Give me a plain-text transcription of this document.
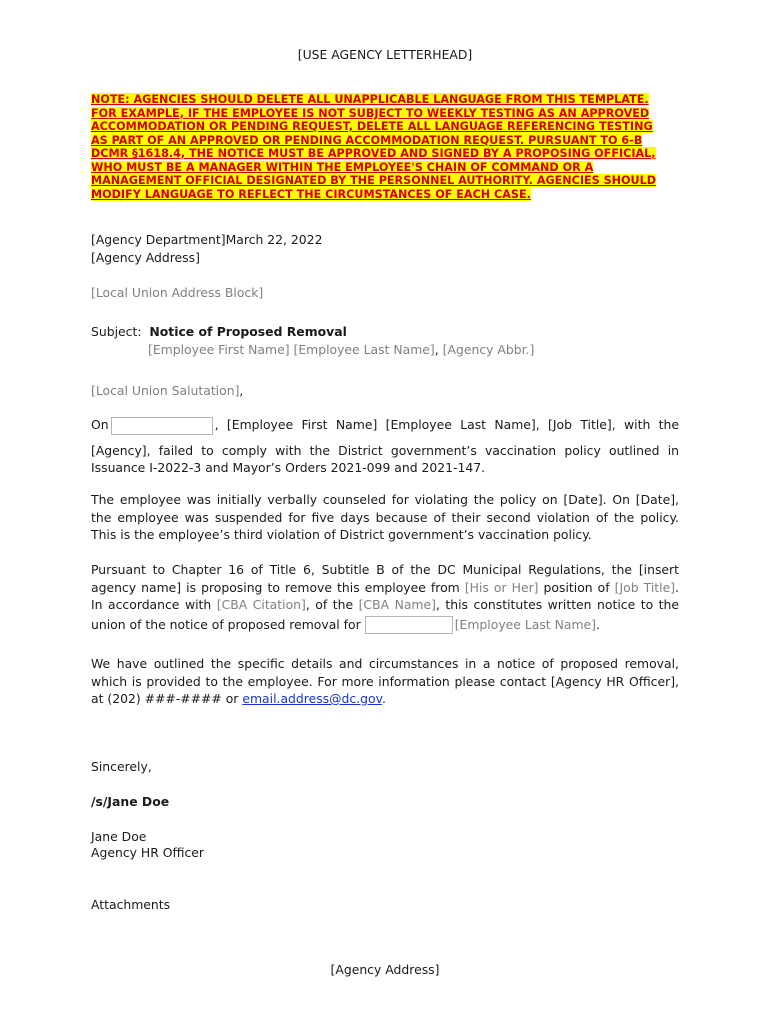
[USE AGENCY LETTERHEAD]
NOTE: AGENCIES SHOULD DELETE ALL UNAPPLICABLE LANGUAGE FROM THIS TEMPLATE.
FOR EXAMPLE, IF THE EMPLOYEE IS NOT SUBJECT TO WEEKLY TESTING AS AN APPROVED
ACCOMMODATION OR PENDING REQUEST, DELETE ALL LANGUAGE REFERENCING TESTING
AS PART OF AN APPROVED OR PENDING ACCOMMODATION REQUEST. PURSUANT TO 6-B
DCMR §1618.4, THE NOTICE MUST BE APPROVED AND SIGNED BY A PROPOSING OFFICIAL,
WHO MUST BE A MANAGER WITHIN THE EMPLOYEE'S CHAIN OF COMMAND OR A
MANAGEMENT OFFICIAL DESIGNATED BY THE PERSONNEL AUTHORITY. AGENCIES SHOULD
MODIFY LANGUAGE TO REFLECT THE CIRCUMSTANCES OF EACH CASE.
[Agency Department]March 22, 2022
[Agency Address]
[Local Union Address Block]
Subject: Notice of Proposed Removal
[Employee First Name] [Employee Last Name], [Agency Abbr.]
[Local Union Salutation],
On	, [Employee First Name] [Employee Last Name], [Job Title], with the
[Agency], failed to comply with the District government’s vaccination policy outlined in
Issuance I-2022-3 and Mayor’s Orders 2021-099 and 2021-147.
The employee was initially verbally counseled for violating the policy on [Date]. On [Date],
the employee was suspended for five days because of their second violation of the policy.
This is the employee’s third violation of District government’s vaccination policy.
Pursuant to Chapter 16 of Title 6, Subtitle B of the DC Municipal Regulations, the [insert
agency name] is proposing to remove this employee from [His or Her] position of [Job Title].
In accordance with [CBA Citation], of the [CBA Name], this constitutes written notice to the
union of the notice of proposed removal for	[Employee Last Name].
We have outlined the specific details and circumstances in a notice of proposed removal,
which is provided to the employee. For more information please contact [Agency HR Officer],
at (202) ###-#### or email.address@dc.gov.
Sincerely,
/s/Jane Doe
Jane Doe
Agency HR Officer
Attachments
[Agency Address]
